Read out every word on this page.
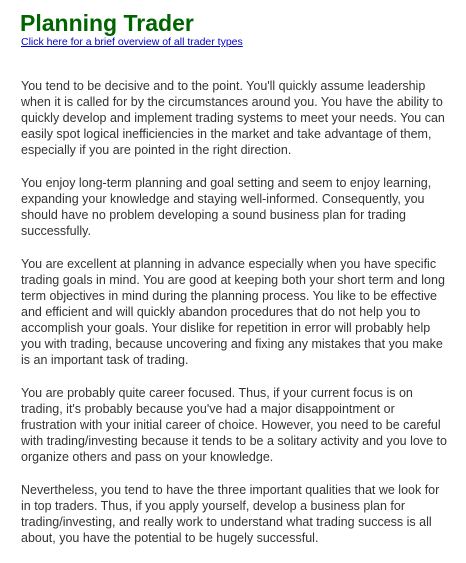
Planning Trader
Click here for a brief overview of all trader types

You tend to be decisive and to the point. You'll quickly assume leadership when it is called for by the circumstances around you. You have the ability to quickly develop and implement trading systems to meet your needs. You can easily spot logical inefficiencies in the market and take advantage of them, especially if you are pointed in the right direction.

You enjoy long-term planning and goal setting and seem to enjoy learning, expanding your knowledge and staying well-informed. Consequently, you should have no problem developing a sound business plan for trading successfully.

You are excellent at planning in advance especially when you have specific trading goals in mind. You are good at keeping both your short term and long term objectives in mind during the planning process. You like to be effective and efficient and will quickly abandon procedures that do not help you to accomplish your goals. Your dislike for repetition in error will probably help you with trading, because uncovering and fixing any mistakes that you make is an important task of trading.

You are probably quite career focused. Thus, if your current focus is on trading, it's probably because you've had a major disappointment or frustration with your initial career of choice. However, you need to be careful with trading/investing because it tends to be a solitary activity and you love to organize others and pass on your knowledge.

Nevertheless, you tend to have the three important qualities that we look for in top traders. Thus, if you apply yourself, develop a business plan for trading/investing, and really work to understand what trading success is all about, you have the potential to be hugely successful.
